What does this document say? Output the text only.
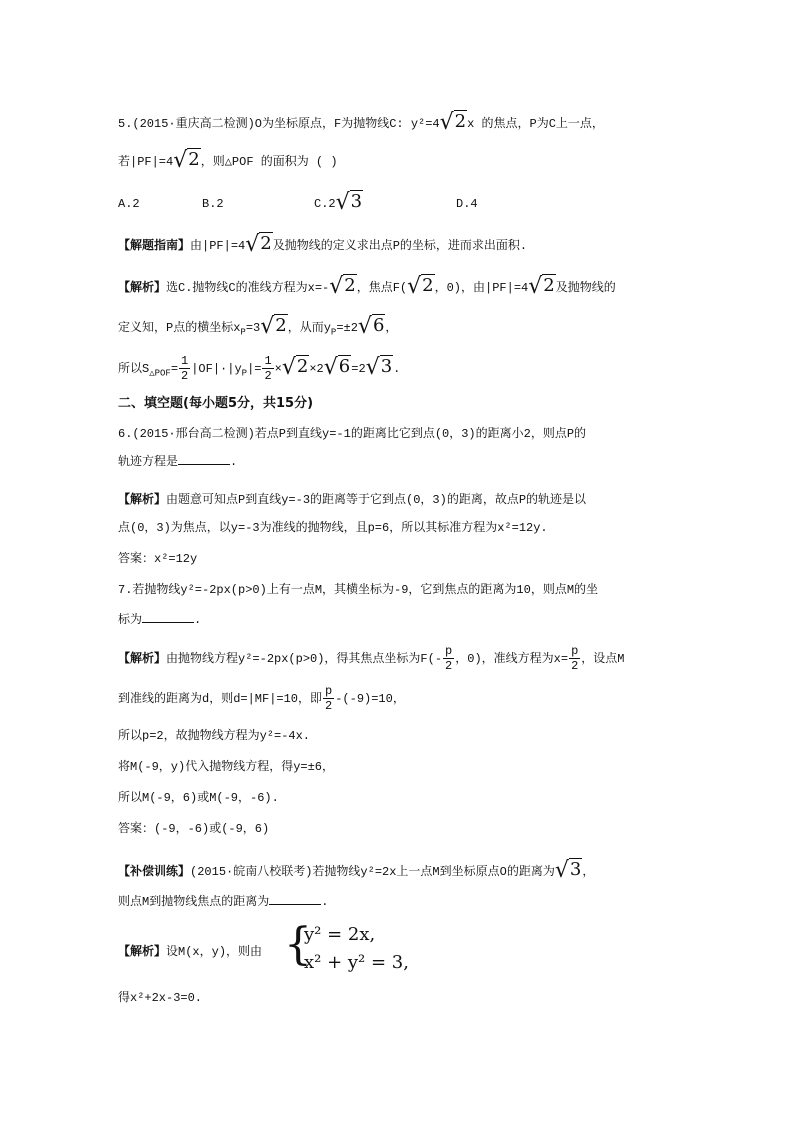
5.(2015·重庆高二检测)O为坐标原点，F为抛物线C: y²=4√2x 的焦点，P为C上一点，
若|PF|=4√2，则△POF 的面积为 ( )
A.2	B.2	C.2√3	D.4
【解题指南】由|PF|=4√2及抛物线的定义求出点P的坐标，进而求出面积.
【解析】选C.抛物线C的准线方程为x=-√2，焦点F(√2，0)，由|PF|=4√2及抛物线的
定义知，P点的横坐标$x_P=3√2$，从而$y_P=\pm 2√6$，
所以$S_{\triangle POF}= \frac{1}{2} |OF|\cdot|y_P|= \frac{1}{2} \times√2\times 2√6=2√3$.
二、填空题(每小题5分，共15分)
6.(2015·邢台高二检测)若点P到直线y=-1的距离比它到点(0，3)的距离小2，则点P的
轨迹方程是	.
【解析】由题意可知点P到直线y=-3的距离等于它到点(0，3)的距离，故点P的轨迹是以
点(0，3)为焦点，以y=-3为准线的抛物线，且p=6，所以其标准方程为x²=12y.
答案：x²=12y
7.若抛物线y²=-2px(p>0)上有一点M，其横坐标为-9，它到焦点的距离为10，则点M的坐
标为	.
【解析】由抛物线方程y²=-2px(p>0)，得其焦点坐标为$F(- \frac{p}{2}$ ，0)，准线方程为$x= \frac{p}{2}$ ，设点M
到准线的距离为d，则d=|MF|=10，即 $\frac{p}{2} -(-9)=10$，
所以p=2，故抛物线方程为y²=-4x.
将M(-9，y)代入抛物线方程，得y=±6，
所以M(-9，6)或M(-9，-6).
答案：(-9，-6)或(-9，6)
【补偿训练】(2015·皖南八校联考)若抛物线y²=2x上一点M到坐标原点O的距离为√3，
则点M到抛物线焦点的距离为	.
【解析】设M(x，y)，则由 {
y² = 2x,
x² + y² = 3,
得x²+2x-3=0.
